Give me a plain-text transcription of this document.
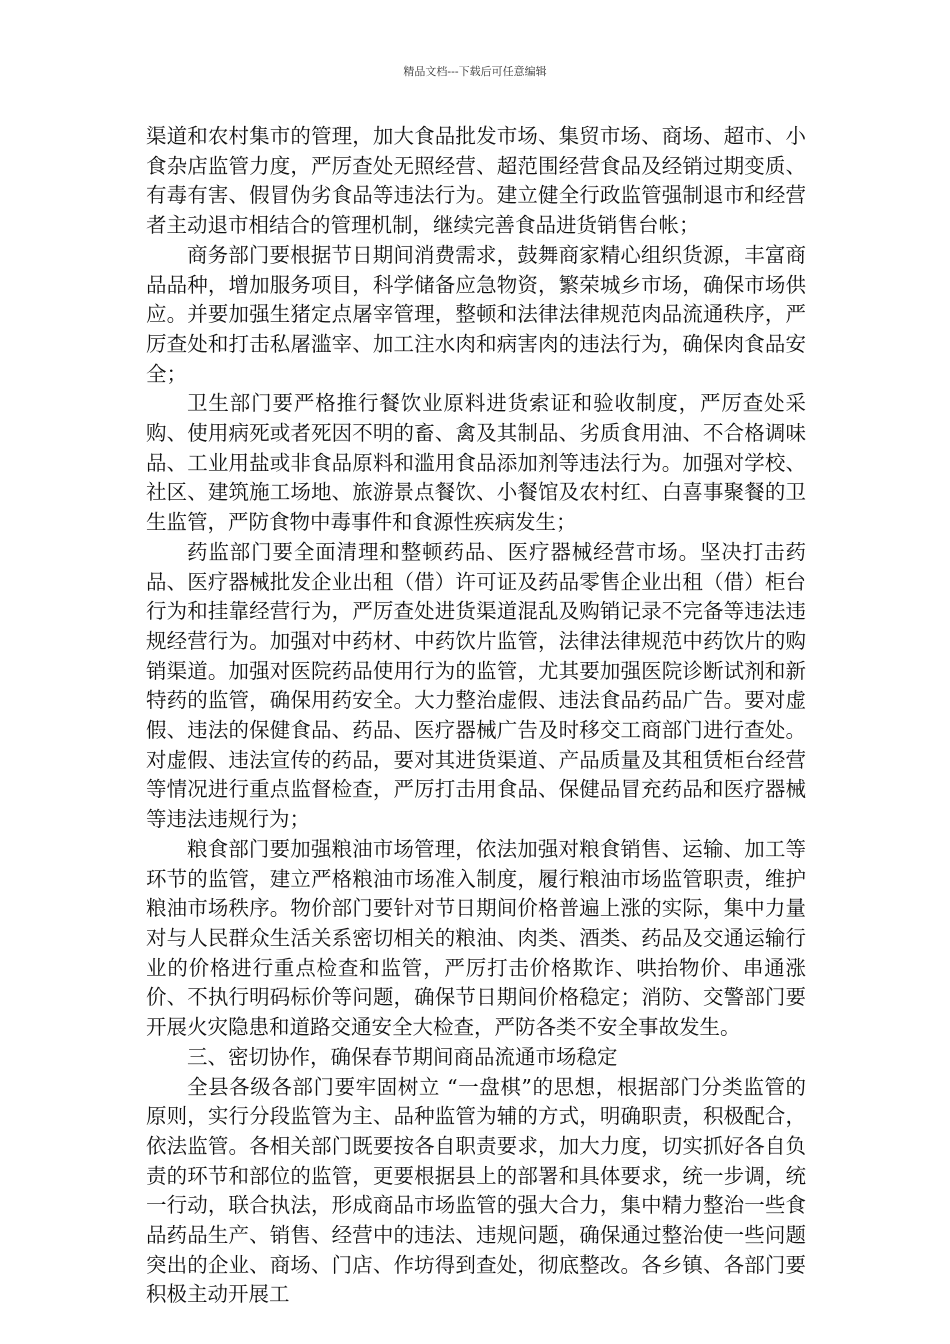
精品文档---下载后可任意编辑

渠道和农村集市的管理，加大食品批发市场、集贸市场、商场、超市、小食杂店监管力度，严厉查处无照经营、超范围经营食品及经销过期变质、有毒有害、假冒伪劣食品等违法行为。建立健全行政监管强制退市和经营者主动退市相结合的管理机制，继续完善食品进货销售台帐；

商务部门要根据节日期间消费需求，鼓舞商家精心组织货源，丰富商品品种，增加服务项目，科学储备应急物资，繁荣城乡市场，确保市场供应。并要加强生猪定点屠宰管理，整顿和法律法律规范肉品流通秩序，严厉查处和打击私屠滥宰、加工注水肉和病害肉的违法行为，确保肉食品安全；

卫生部门要严格推行餐饮业原料进货索证和验收制度，严厉查处采购、使用病死或者死因不明的畜、禽及其制品、劣质食用油、不合格调味品、工业用盐或非食品原料和滥用食品添加剂等违法行为。加强对学校、社区、建筑施工场地、旅游景点餐饮、小餐馆及农村红、白喜事聚餐的卫生监管，严防食物中毒事件和食源性疾病发生；

药监部门要全面清理和整顿药品、医疗器械经营市场。坚决打击药品、医疗器械批发企业出租（借）许可证及药品零售企业出租（借）柜台行为和挂靠经营行为，严厉查处进货渠道混乱及购销记录不完备等违法违规经营行为。加强对中药材、中药饮片监管，法律法律规范中药饮片的购销渠道。加强对医院药品使用行为的监管，尤其要加强医院诊断试剂和新特药的监管，确保用药安全。大力整治虚假、违法食品药品广告。要对虚假、违法的保健食品、药品、医疗器械广告及时移交工商部门进行查处。对虚假、违法宣传的药品，要对其进货渠道、产品质量及其租赁柜台经营等情况进行重点监督检查，严厉打击用食品、保健品冒充药品和医疗器械等违法违规行为；

粮食部门要加强粮油市场管理，依法加强对粮食销售、运输、加工等环节的监管，建立严格粮油市场准入制度，履行粮油市场监管职责，维护粮油市场秩序。物价部门要针对节日期间价格普遍上涨的实际，集中力量对与人民群众生活关系密切相关的粮油、肉类、酒类、药品及交通运输行业的价格进行重点检查和监管，严厉打击价格欺诈、哄抬物价、串通涨价、不执行明码标价等问题，确保节日期间价格稳定；消防、交警部门要开展火灾隐患和道路交通安全大检查，严防各类不安全事故发生。

三、密切协作，确保春节期间商品流通市场稳定

全县各级各部门要牢固树立 “一盘棋”的思想，根据部门分类监管的原则，实行分段监管为主、品种监管为辅的方式，明确职责，积极配合，依法监管。各相关部门既要按各自职责要求，加大力度，切实抓好各自负责的环节和部位的监管，更要根据县上的部署和具体要求，统一步调，统一行动，联合执法，形成商品市场监管的强大合力，集中精力整治一些食品药品生产、销售、经营中的违法、违规问题，确保通过整治使一些问题突出的企业、商场、门店、作坊得到查处，彻底整改。各乡镇、各部门要积极主动开展工
